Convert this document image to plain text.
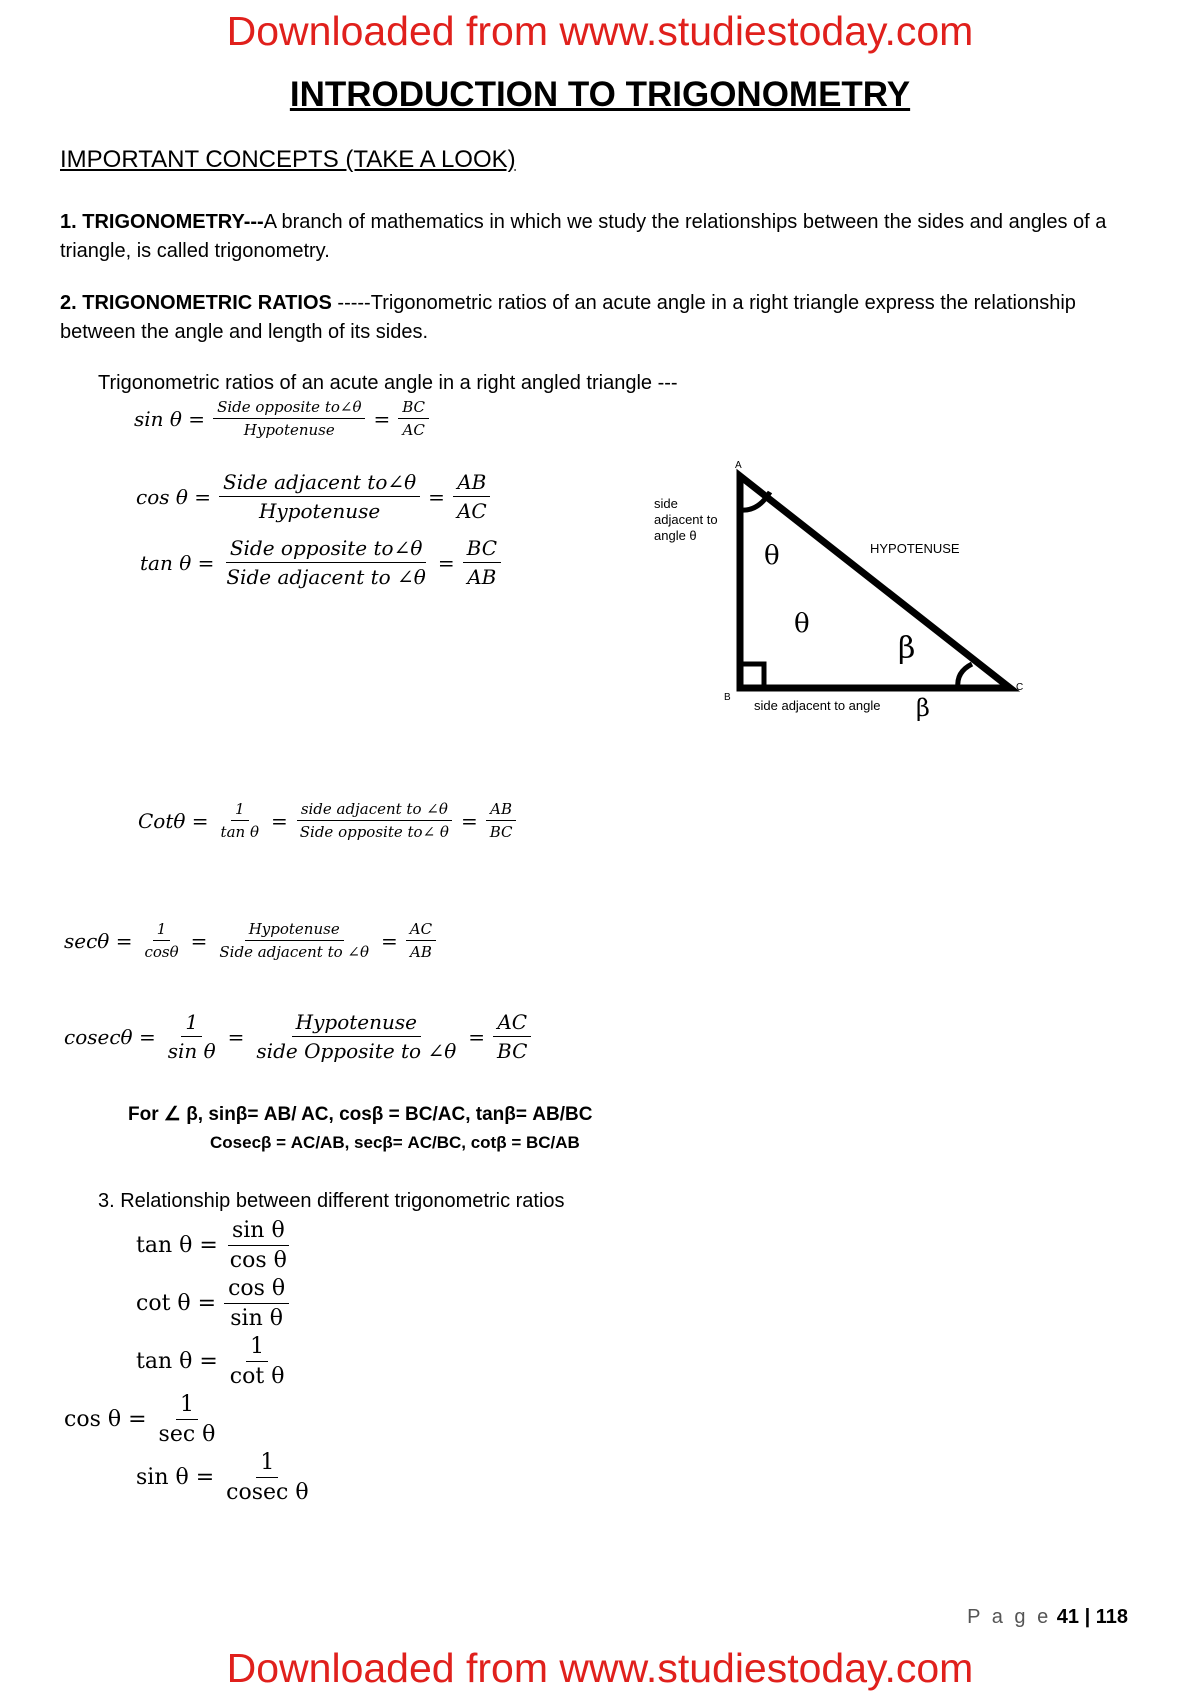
Downloaded from www.studiestoday.com
INTRODUCTION TO TRIGONOMETRY
IMPORTANT CONCEPTS (TAKE A LOOK)
1. TRIGONOMETRY---A branch of mathematics in which we study the relationships between the sides and angles of a triangle, is called trigonometry.
2. TRIGONOMETRIC RATIOS -----Trigonometric ratios of an acute angle in a right triangle express the relationship between the angle and length of its sides.
Trigonometric ratios of an acute angle in a right angled triangle ---
$\sin \theta = \frac{\text{Side opposite to∠θ}}{\text{Hypotenuse}} = \frac{BC}{AC}$
$\cos \theta = \frac{\text{Side adjacent to∠θ}}{\text{Hypotenuse}} = \frac{AB}{AC}$
$\tan \theta = \frac{\text{Side opposite to∠θ}}{\text{Side adjacent to ∠θ}} = \frac{BC}{AB}$
A
B
C
side
adjacent to
angle θ
HYPOTENUSE
θ
θ
β
side adjacent to angle β
$Cot\theta = \frac{1}{\text{tan θ}} = \frac{\text{side adjacent to ∠θ}}{\text{Side opposite to∠ θ}} = \frac{AB}{BC}$
$\sec\theta = \frac{1}{\cos\theta} = \frac{\text{Hypotenuse}}{\text{Side adjacent to ∠θ}} = \frac{AC}{AB}$
$cosec\theta = \frac{1}{\text{sin θ}} = \frac{\text{Hypotenuse}}{\text{side Opposite to ∠θ}} = \frac{AC}{BC}$
For ∠ β, sinβ= AB/ AC, cosβ = BC/AC, tanβ= AB/BC
Cosecβ = AC/AB, secβ= AC/BC, cotβ = BC/AB
3. Relationship between different trigonometric ratios
$\tan \theta = \frac{\text{sin θ}}{\text{cos θ}}$
$\cot \theta = \frac{\text{cos θ}}{\text{sin θ}}$
$\tan \theta = \frac{1}{\text{cot θ}}$
$\cos \theta = \frac{1}{\text{sec θ}}$
$\sin \theta = \frac{1}{\text{cosec θ}}$
P a g e 41 | 118
Downloaded from www.studiestoday.com
